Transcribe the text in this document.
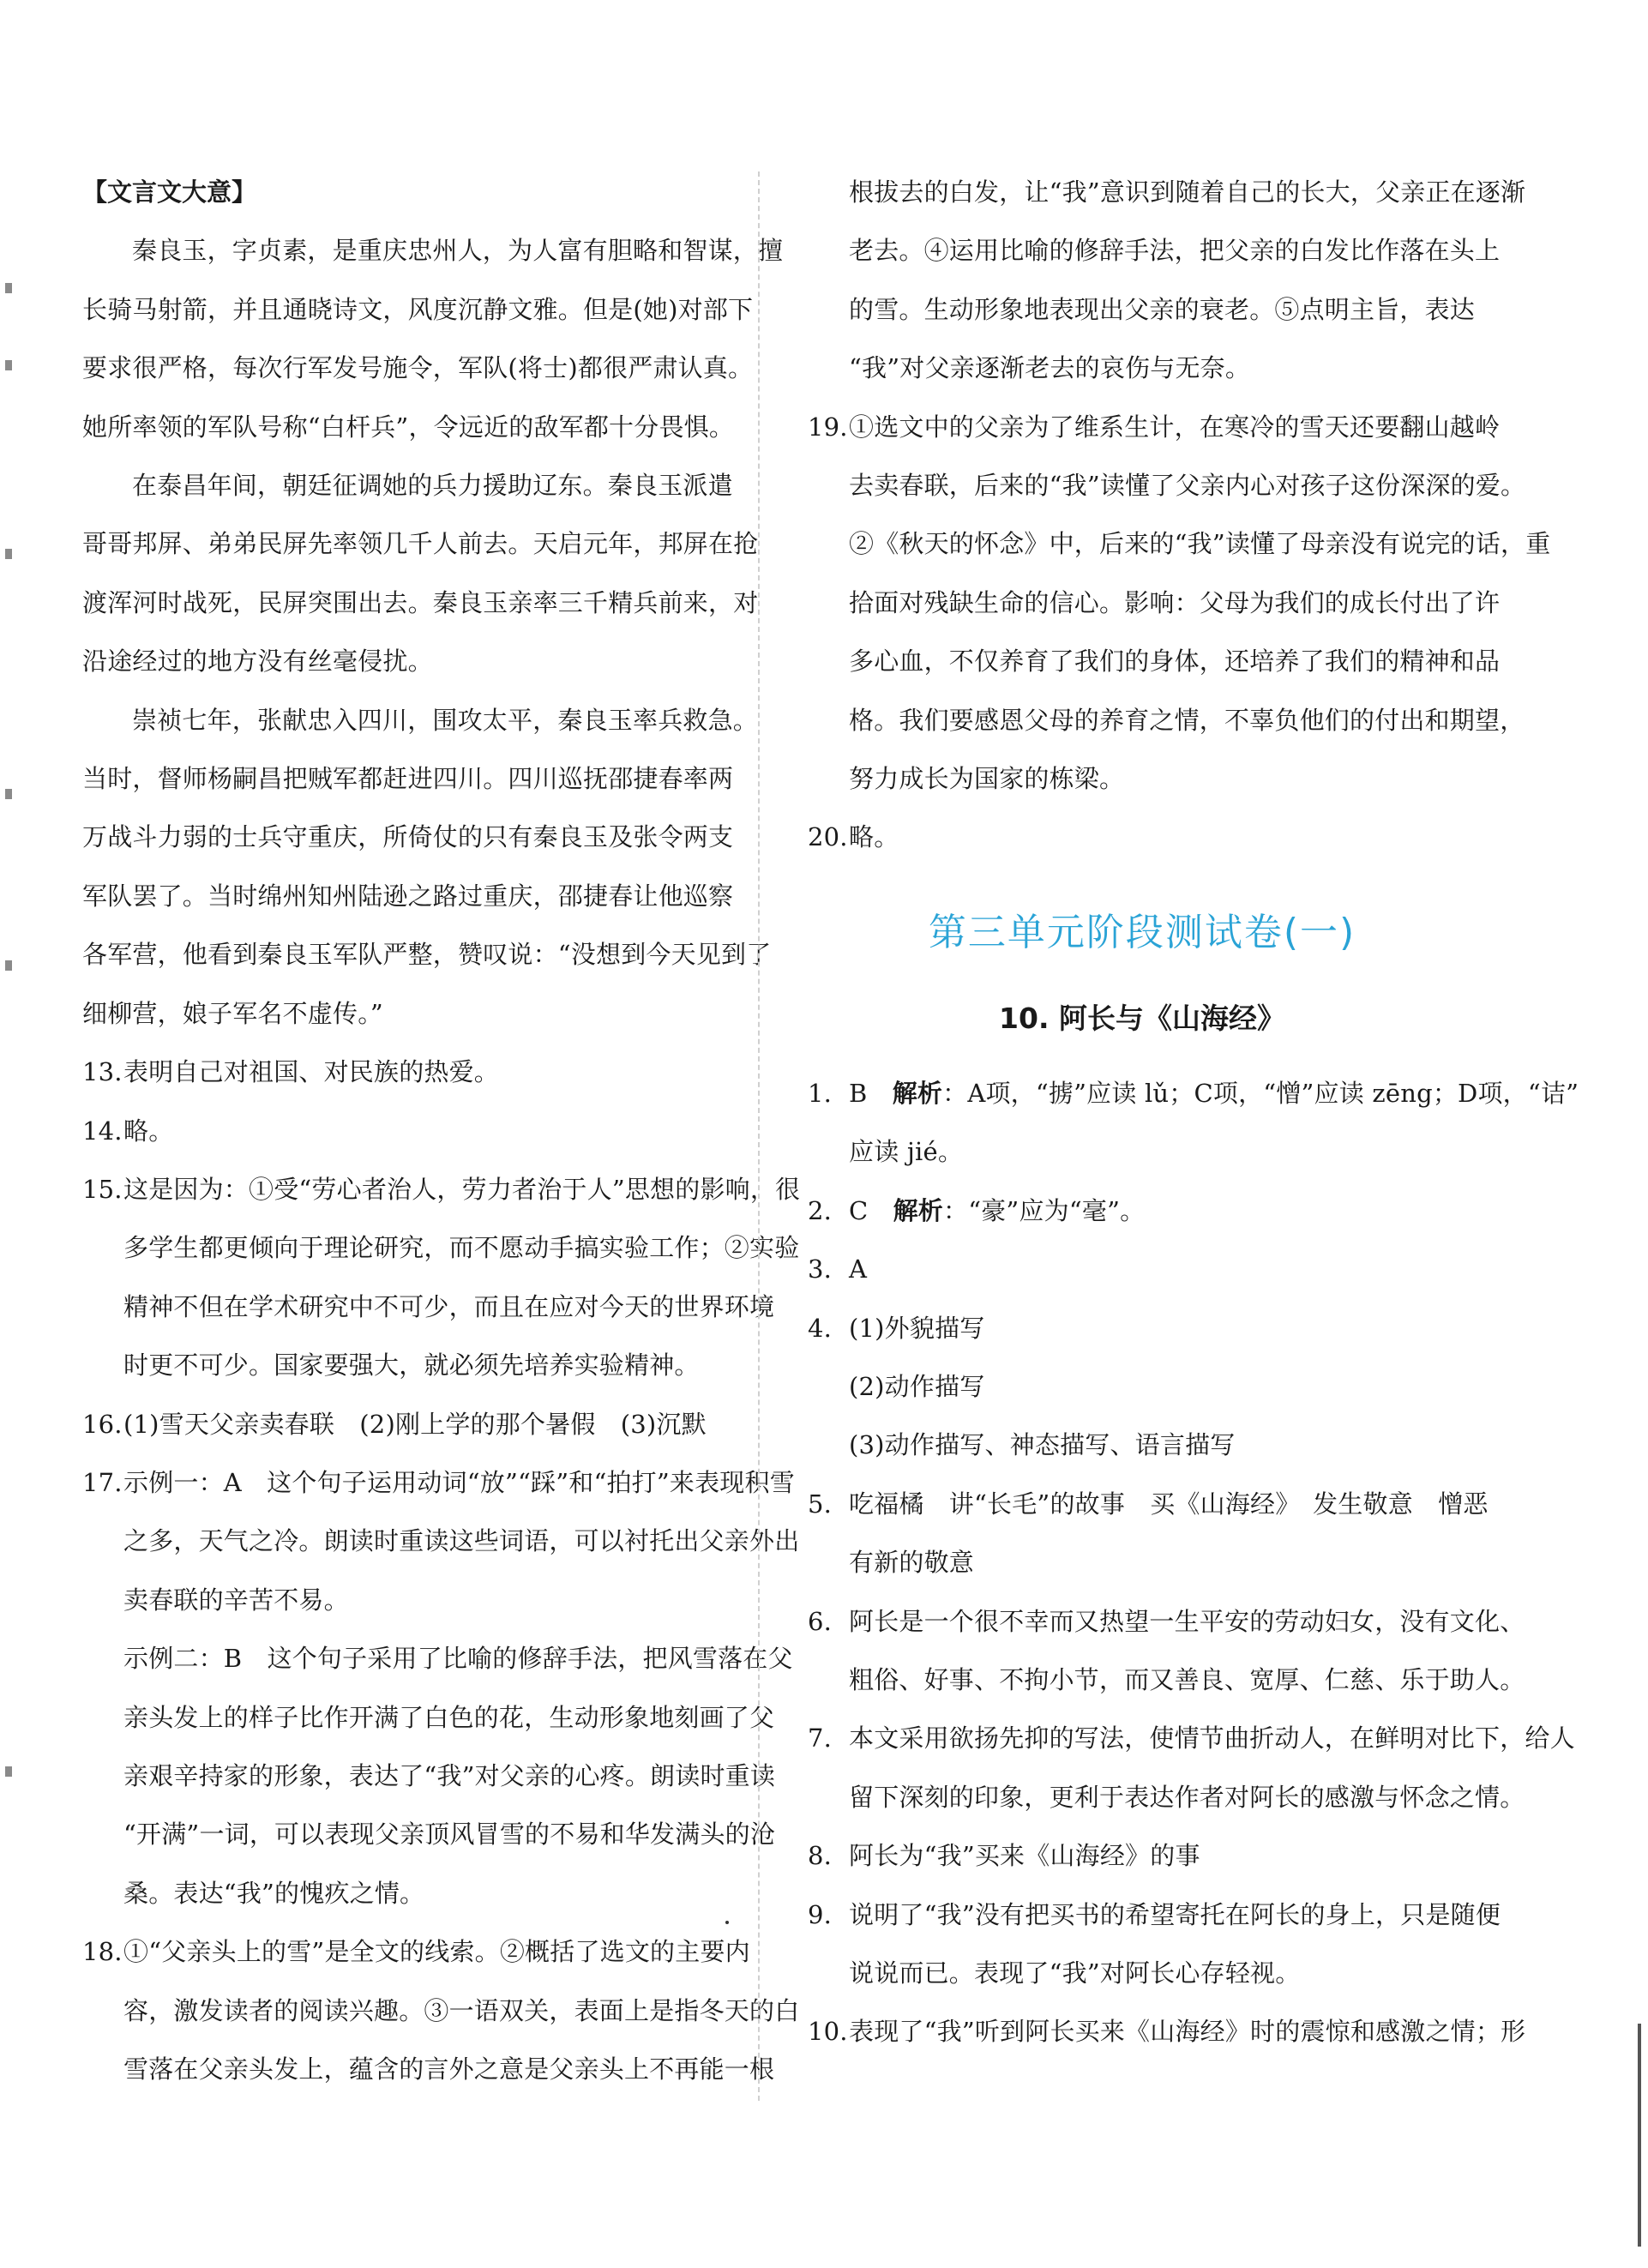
【文言文大意】
秦良玉，字贞素，是重庆忠州人，为人富有胆略和智谋，擅
长骑马射箭，并且通晓诗文，风度沉静文雅。但是(她)对部下
要求很严格，每次行军发号施令，军队(将士)都很严肃认真。
她所率领的军队号称“白杆兵”，令远近的敌军都十分畏惧。
在泰昌年间，朝廷征调她的兵力援助辽东。秦良玉派遣
哥哥邦屏、弟弟民屏先率领几千人前去。天启元年，邦屏在抢
渡浑河时战死，民屏突围出去。秦良玉亲率三千精兵前来，对
沿途经过的地方没有丝毫侵扰。
崇祯七年，张献忠入四川，围攻太平，秦良玉率兵救急。
当时，督师杨嗣昌把贼军都赶进四川。四川巡抚邵捷春率两
万战斗力弱的士兵守重庆，所倚仗的只有秦良玉及张令两支
军队罢了。当时绵州知州陆逊之路过重庆，邵捷春让他巡察
各军营，他看到秦良玉军队严整，赞叹说：“没想到今天见到了
细柳营，娘子军名不虚传。”
13.表明自己对祖国、对民族的热爱。
14.略。
15.这是因为：①受“劳心者治人，劳力者治于人”思想的影响，很
多学生都更倾向于理论研究，而不愿动手搞实验工作；②实验
精神不但在学术研究中不可少，而且在应对今天的世界环境
时更不可少。国家要强大，就必须先培养实验精神。
16.(1)雪天父亲卖春联　(2)刚上学的那个暑假　(3)沉默
17.示例一：A　这个句子运用动词“放”“踩”和“拍打”来表现积雪
之多，天气之冷。朗读时重读这些词语，可以衬托出父亲外出
卖春联的辛苦不易。
示例二：B　这个句子采用了比喻的修辞手法，把风雪落在父
亲头发上的样子比作开满了白色的花，生动形象地刻画了父
亲艰辛持家的形象，表达了“我”对父亲的心疼。朗读时重读
“开满”一词，可以表现父亲顶风冒雪的不易和华发满头的沧
桑。表达“我”的愧疚之情。
18.①“父亲头上的雪”是全文的线索。②概括了选文的主要内
容，激发读者的阅读兴趣。③一语双关，表面上是指冬天的白
雪落在父亲头发上，蕴含的言外之意是父亲头上不再能一根
根拔去的白发，让“我”意识到随着自己的长大，父亲正在逐渐
老去。④运用比喻的修辞手法，把父亲的白发比作落在头上
的雪。生动形象地表现出父亲的衰老。⑤点明主旨，表达
“我”对父亲逐渐老去的哀伤与无奈。
19.①选文中的父亲为了维系生计，在寒冷的雪天还要翻山越岭
去卖春联，后来的“我”读懂了父亲内心对孩子这份深深的爱。
②《秋天的怀念》中，后来的“我”读懂了母亲没有说完的话，重
拾面对残缺生命的信心。影响：父母为我们的成长付出了许
多心血，不仅养育了我们的身体，还培养了我们的精神和品
格。我们要感恩父母的养育之情，不辜负他们的付出和期望，
努力成长为国家的栋梁。
20.略。
第三单元阶段测试卷(一)
10. 阿长与《山海经》
1. B　 解析：A项，“掳”应读 lǔ；C项，“憎”应读 zēng；D项，“诘”
应读 jié。
2. C　 解析：“豪”应为“毫”。
3. A
4. (1)外貌描写
(2)动作描写
(3)动作描写、神态描写、语言描写
5. 吃福橘　讲“长毛”的故事　买《山海经》　发生敬意　憎恶
有新的敬意
6. 阿长是一个很不幸而又热望一生平安的劳动妇女，没有文化、
粗俗、好事、不拘小节，而又善良、宽厚、仁慈、乐于助人。
7. 本文采用欲扬先抑的写法，使情节曲折动人，在鲜明对比下，给人
留下深刻的印象，更利于表达作者对阿长的感激与怀念之情。
8. 阿长为“我”买来《山海经》的事
9. 说明了“我”没有把买书的希望寄托在阿长的身上，只是随便
说说而已。表现了“我”对阿长心存轻视。
10.表现了“我”听到阿长买来《山海经》时的震惊和感激之情；形
